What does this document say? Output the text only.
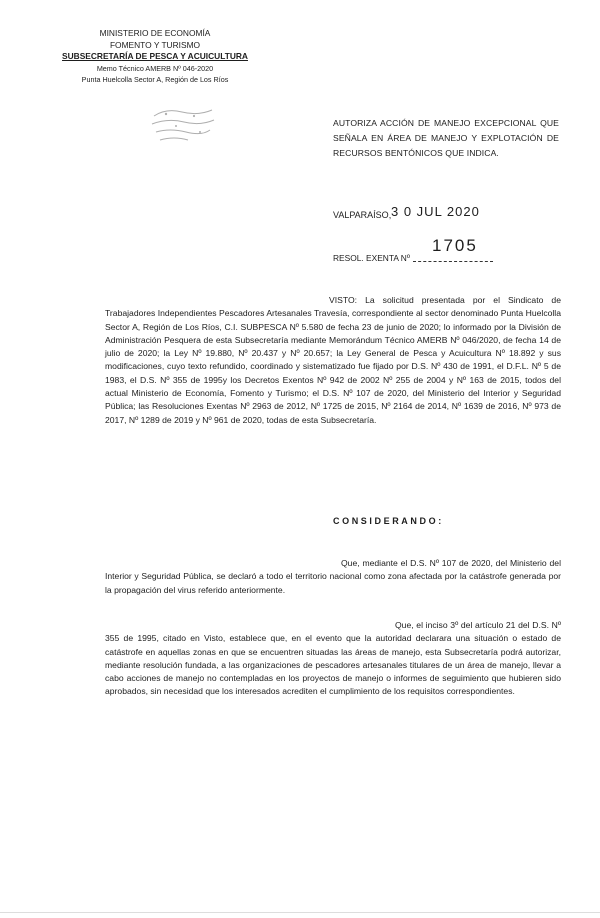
MINISTERIO DE ECONOMÍA
FOMENTO Y TURISMO
SUBSECRETARÍA DE PESCA Y ACUICULTURA
Memo Técnico AMERB Nº 046-2020
Punta Huelcolla Sector A, Región de Los Ríos
AUTORIZA ACCIÓN DE MANEJO EXCEPCIONAL QUE SEÑALA EN ÁREA DE MANEJO Y EXPLOTACIÓN DE RECURSOS BENTÓNICOS QUE INDICA.
VALPARAÍSO, 3 0 JUL 2020
RESOL. EXENTA Nº
1705
VISTO: La solicitud presentada por el Sindicato de Trabajadores Independientes Pescadores Artesanales Travesía, correspondiente al sector denominado Punta Huelcolla Sector A, Región de Los Ríos, C.I. SUBPESCA Nº 5.580 de fecha 23 de junio de 2020; lo informado por la División de Administración Pesquera de esta Subsecretaría mediante Memorándum Técnico AMERB Nº 046/2020, de fecha 14 de julio de 2020; la Ley Nº 19.880, Nº 20.437 y Nº 20.657; la Ley General de Pesca y Acuicultura Nº 18.892 y sus modificaciones, cuyo texto refundido, coordinado y sistematizado fue fijado por D.S. Nº 430 de 1991, el D.F.L. Nº 5 de 1983, el D.S. Nº 355 de 1995y los Decretos Exentos Nº 942 de 2002 Nº 255 de 2004 y Nº 163 de 2015, todos del actual Ministerio de Economía, Fomento y Turismo; el D.S. Nº 107 de 2020, del Ministerio del Interior y Seguridad Pública; las Resoluciones Exentas Nº 2963 de 2012, Nº 1725 de 2015, Nº 2164 de 2014, Nº 1639 de 2016, Nº 973 de 2017, Nº 1289 de 2019 y Nº 961 de 2020, todas de esta Subsecretaría.
CONSIDERANDO:
Que, mediante el D.S. Nº 107 de 2020, del Ministerio del Interior y Seguridad Pública, se declaró a todo el territorio nacional como zona afectada por la catástrofe generada por la propagación del virus referido anteriormente.
Que, el inciso 3º del artículo 21 del D.S. Nº 355 de 1995, citado en Visto, establece que, en el evento que la autoridad declarara una situación o estado de catástrofe en aquellas zonas en que se encuentren situadas las áreas de manejo, esta Subsecretaría podrá autorizar, mediante resolución fundada, a las organizaciones de pescadores artesanales titulares de un área de manejo, llevar a cabo acciones de manejo no contempladas en los proyectos de manejo o informes de seguimiento que hubieren sido aprobados, sin necesidad que los interesados acrediten el cumplimiento de los requisitos correspondientes.
